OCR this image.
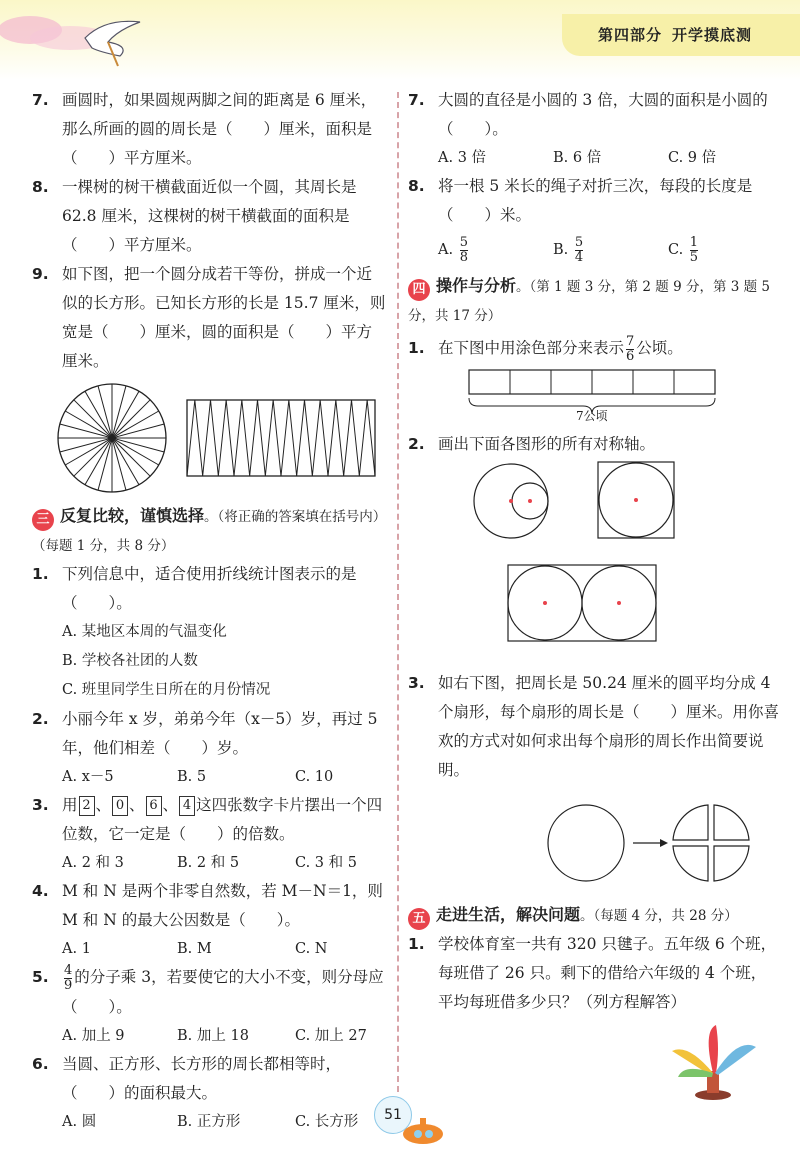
第四部分 开学摸底测
7. 画圆时，如果圆规两脚之间的距离是 6 厘米，那么所画的圆的周长是（　　）厘米，面积是（　　）平方厘米。
8. 一棵树的树干横截面近似一个圆，其周长是 62.8 厘米，这棵树的树干横截面的面积是（　　）平方厘米。
9. 如下图，把一个圆分成若干等份，拼成一个近似的长方形。已知长方形的长是 15.7 厘米，则宽是（　　）厘米，圆的面积是（　　）平方厘米。
三 反复比较，谨慎选择。（将正确的答案填在括号内）（每题 1 分，共 8 分）
1. 下列信息中，适合使用折线统计图表示的是（　　）。
A. 某地区本周的气温变化
B. 学校各社团的人数
C. 班里同学生日所在的月份情况
2. 小丽今年 x 岁，弟弟今年（x－5）岁，再过 5 年，他们相差（　　）岁。
A. x－5	B. 5	C. 10
3. 用 2 、 0 、 6 、 4 这四张数字卡片摆出一个四位数，它一定是（　　）的倍数。
A. 2 和 3	B. 2 和 5	C. 3 和 5
4. M 和 N 是两个非零自然数，若 M－N＝1，则 M 和 N 的最大公因数是（　　）。
A. 1	B. M	C. N
5. $\frac{4}{9}$ 的分子乘 3，若要使它的大小不变，则分母应（　　）。
A. 加上 9	B. 加上 18	C. 加上 27
6. 当圆、正方形、长方形的周长都相等时，（　　）的面积最大。
A. 圆	B. 正方形	C. 长方形
7. 大圆的直径是小圆的 3 倍，大圆的面积是小圆的（　　）。
A. 3 倍	B. 6 倍	C. 9 倍
8. 将一根 5 米长的绳子对折三次，每段的长度是（　　）米。
A. $\frac{5}{8}$	B. $\frac{5}{4}$	C. $\frac{1}{5}$
四 操作与分析。（第 1 题 3 分，第 2 题 9 分，第 3 题 5 分，共 17 分）
1. 在下图中用涂色部分来表示 $\frac{7}{6}$ 公顷。
7公顷
2. 画出下面各图形的所有对称轴。
3. 如右下图，把周长是 50.24 厘米的圆平均分成 4 个扇形，每个扇形的周长是（　　）厘米。用你喜欢的方式对如何求出每个扇形的周长作出简要说明。
五 走进生活，解决问题。（每题 4 分，共 28 分）
1. 学校体育室一共有 320 只毽子。五年级 6 个班，每班借了 26 只。剩下的借给六年级的 4 个班，平均每班借多少只？（列方程解答）
51
